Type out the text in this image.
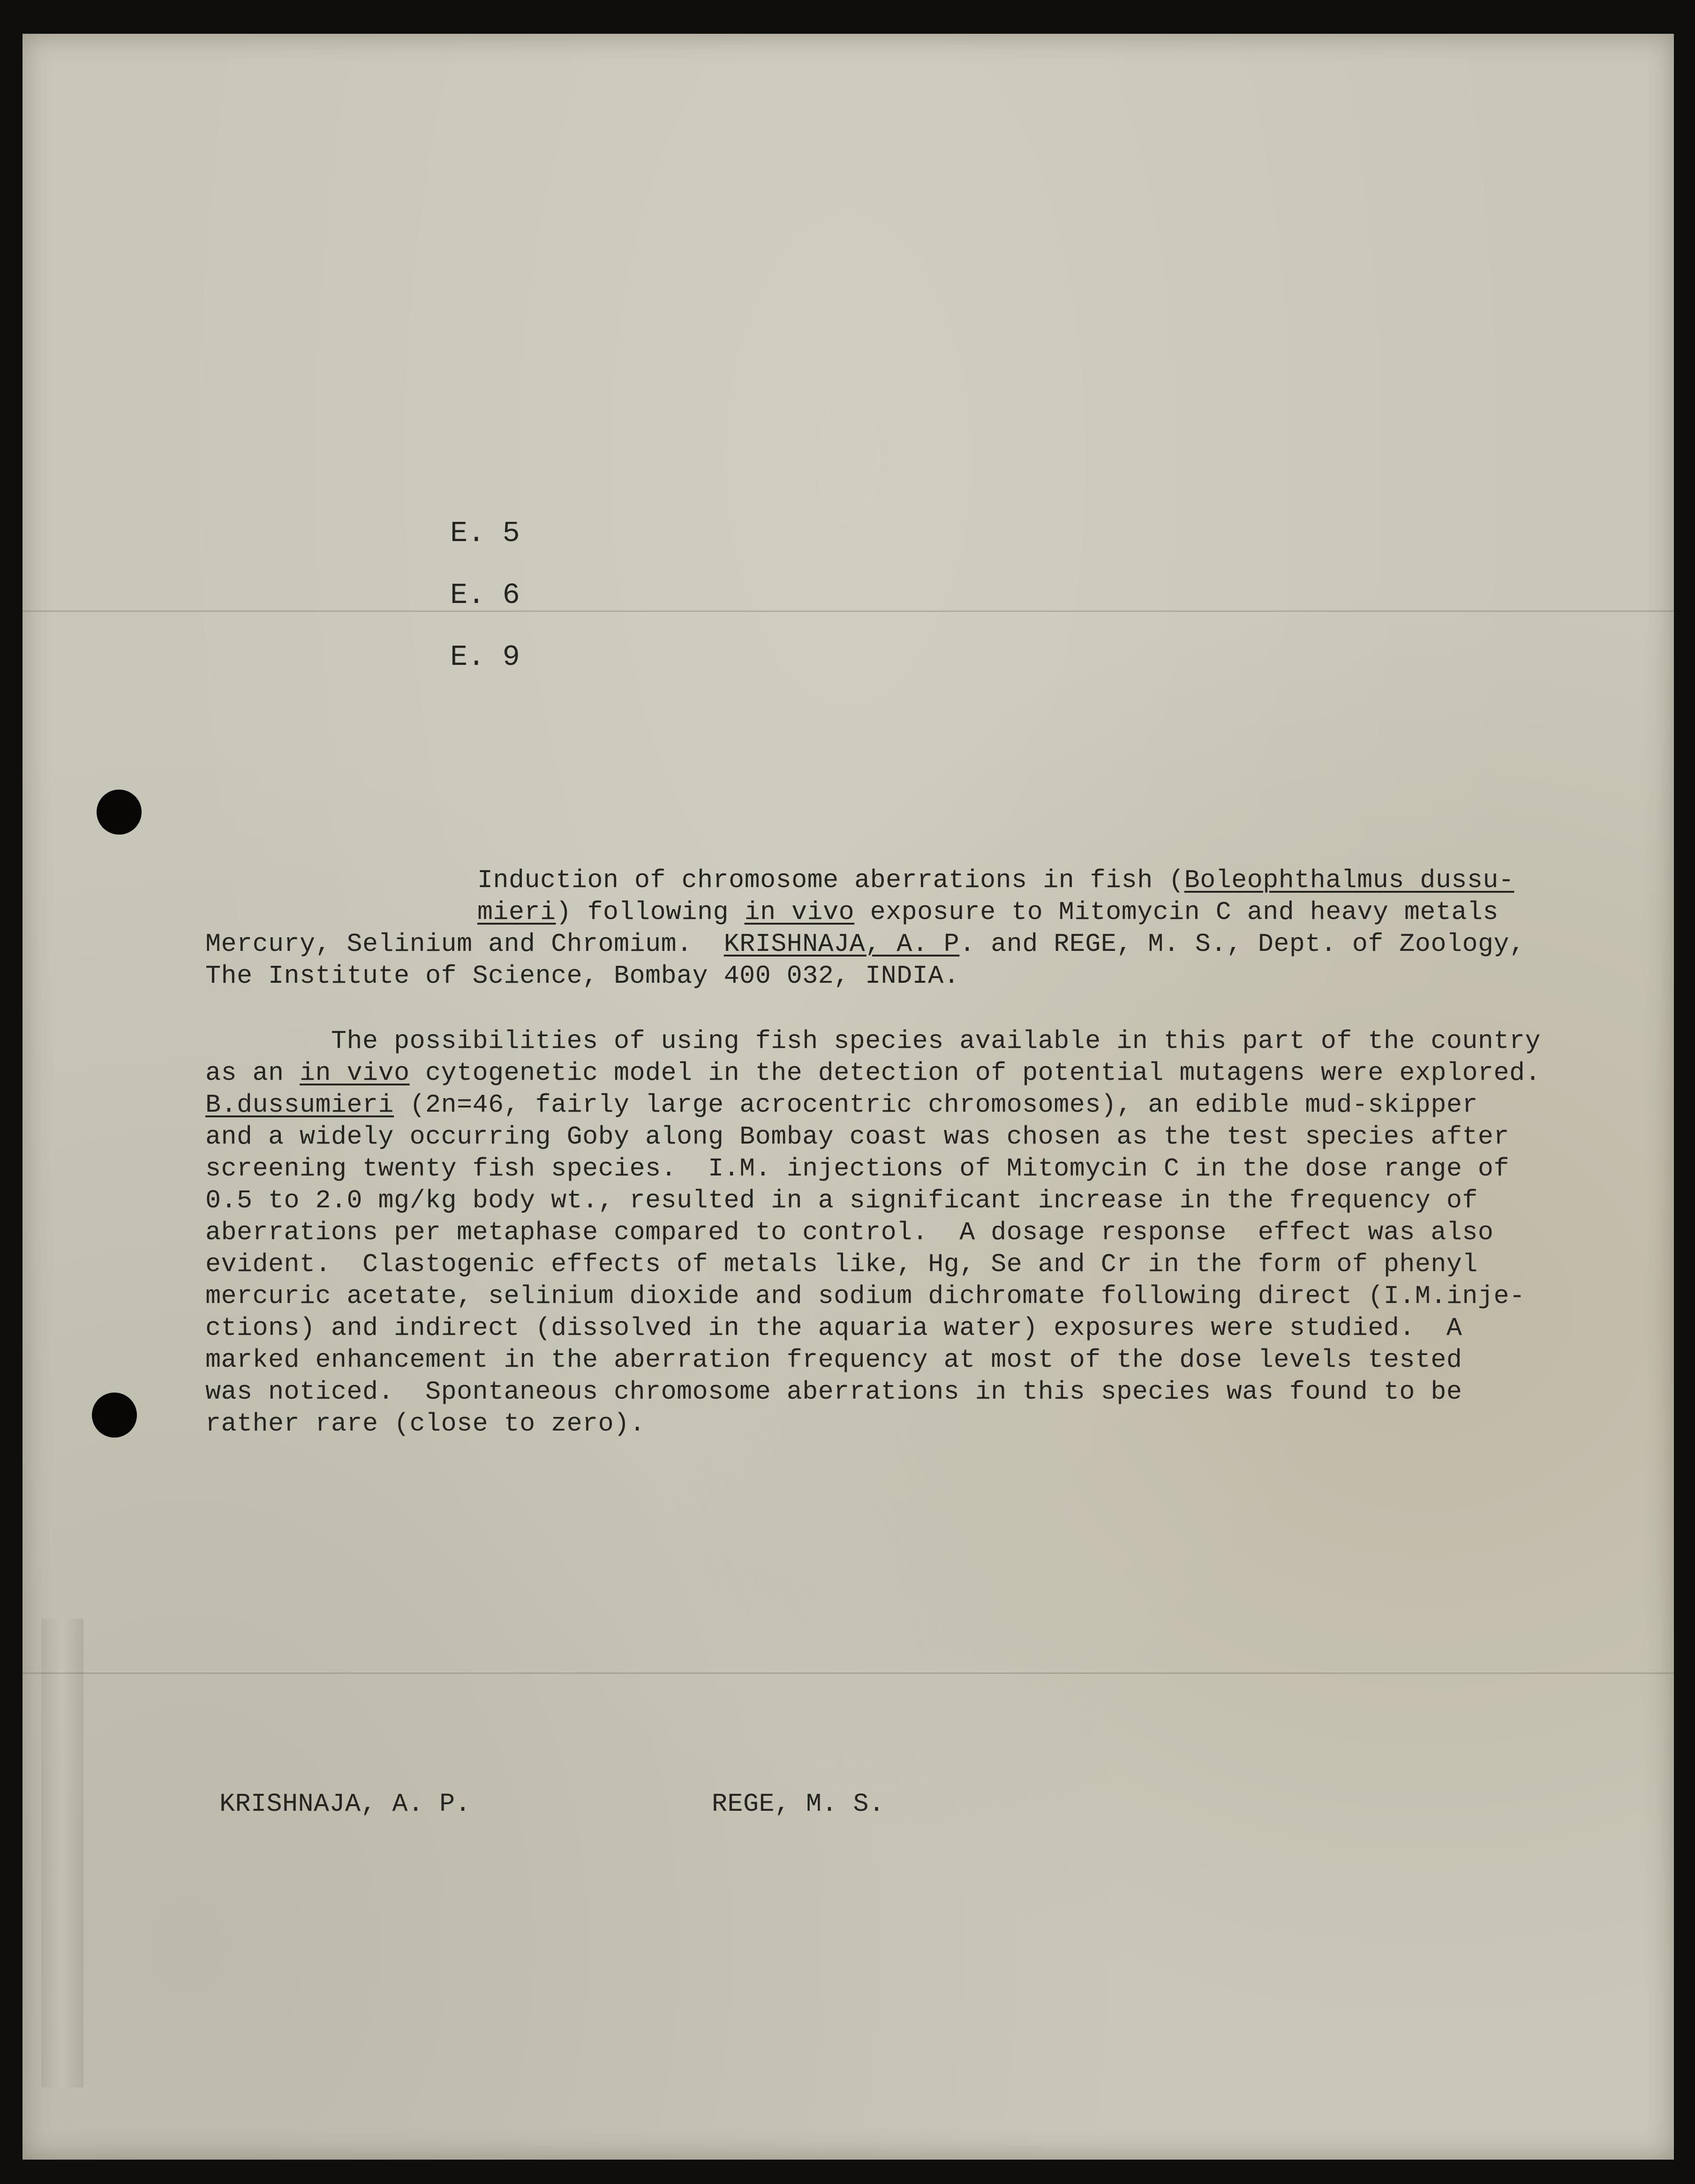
E. 5
E. 6
E. 9
Induction of chromosome aberrations in fish (Boleophthalmus dussu-
mieri) following in vivo exposure to Mitomycin C and heavy metals
Mercury, Selinium and Chromium.  KRISHNAJA, A. P. and REGE, M. S., Dept. of Zoology,
The Institute of Science, Bombay 400 032, INDIA.
The possibilities of using fish species available in this part of the country
as an in vivo cytogenetic model in the detection of potential mutagens were explored.
B.dussumieri (2n=46, fairly large acrocentric chromosomes), an edible mud-skipper
and a widely occurring Goby along Bombay coast was chosen as the test species after
screening twenty fish species.  I.M. injections of Mitomycin C in the dose range of
0.5 to 2.0 mg/kg body wt., resulted in a significant increase in the frequency of
aberrations per metaphase compared to control.  A dosage response  effect was also
evident.  Clastogenic effects of metals like, Hg, Se and Cr in the form of phenyl
mercuric acetate, selinium dioxide and sodium dichromate following direct (I.M.inje-
ctions) and indirect (dissolved in the aquaria water) exposures were studied.  A
marked enhancement in the aberration frequency at most of the dose levels tested
was noticed.  Spontaneous chromosome aberrations in this species was found to be
rather rare (close to zero).
KRISHNAJA, A. P.	REGE, M. S.
